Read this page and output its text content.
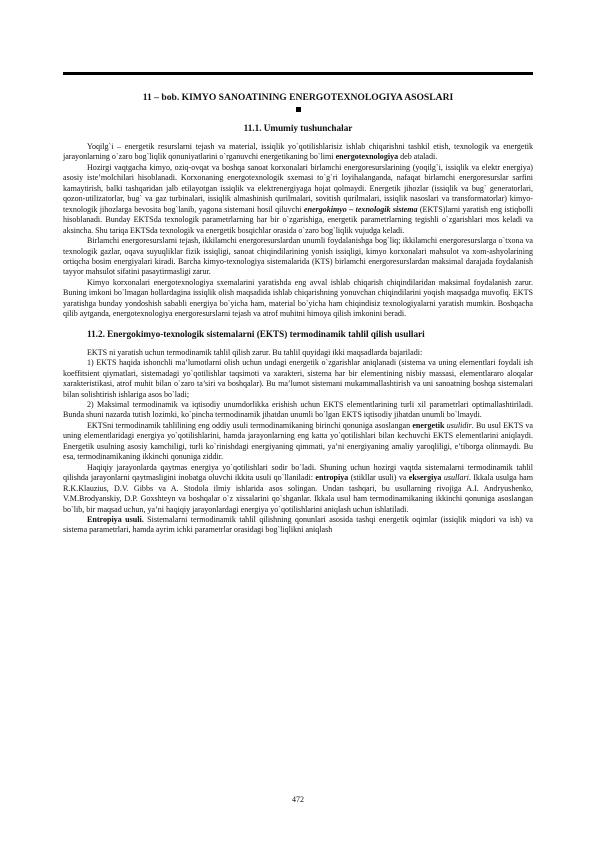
11 – bob. KIMYO SANOATINING ENERGOTEXNOLOGIYA ASOSLARI
11.1. Umumiy tushunchalar

Yoqilg`i – energetik resurslarni tejash va material, issiqlik yo`qotilishlarisiz ishlab chiqarishni tashkil etish, texnologik va energetik jarayonlarning o`zaro bog`liqlik qonuniyatlarini o`rganuvchi energetikaning bo`limi energotexnologiya deb ataladi.

Hozirgi vaqtgacha kimyo, oziq-ovqat va boshqa sanoat korxonalari birlamchi energoresurslarining (yoqilg`i, issiqlik va elektr energiya) asosiy iste’molchilari hisoblanadi. Korxonaning energotexnologik sxemasi to`g`ri loyihalanganda, nafaqat birlamchi energoresurslar sarfini kamaytirish, balki tashqaridan jalb etilayotgan issiqlik va elektrenergiyaga hojat qolmaydi. Energetik jihozlar (issiqlik va bug` generatorlari, qozon-utilizatorlar, bug` va gaz turbinalari, issiqlik almashinish qurilmalari, sovitish qurilmalari, issiqlik nasoslari va transformatorlar) kimyo-texnologik jihozlarga bevosita bog`lanib, yagona sistemani hosil qiluvchi energokimyo – texnologik sistema (EKTS)larni yaratish eng istiqbolli hisoblanadi. Bunday EKTSda texnologik parametrlarning har bir o`zgarishiga, energetik parametrlarning tegishli o`zgarishlari mos keladi va aksincha. Shu tariqa EKTSda texnologik va energetik bosqichlar orasida o`zaro bog`liqlik vujudga keladi.

Birlamchi energoresurslarni tejash, ikkilamchi energoresurslardan unumli foydalanishga bog`liq; ikkilamchi energoresurslarga o`txona va texnologik gazlar, oqava suyuqliklar fizik issiqligi, sanoat chiqindilarining yonish issiqligi, kimyo korxonalari mahsulot va xom-ashyolarining ortiqcha bosim energiyalari kiradi. Barcha kimyo-texnologiya sistemalarida (KTS) birlamchi energoresurslardan maksimal darajada foydalanish tayyor mahsulot sifatini pasaytirmasligi zarur.

Kimyo korxonalari energotexnologiya sxemalarini yaratishda eng avval ishlab chiqarish chiqindilaridan maksimal foydalanish zarur. Buning imkoni bo`lmagan hollardagina issiqlik olish maqsadida ishlab chiqarishning yonuvchan chiqindilarini yoqish maqsadga muvofiq. EKTS yaratishga bunday yondoshish sababli energiya bo`yicha ham, material bo`yicha ham chiqindisiz texnologiyalarni yaratish mumkin. Boshqacha qilib aytganda, energotexnologiya energoresurslarni tejash va atrof muhitni himoya qilish imkonini beradi.

11.2. Energokimyo-texnologik sistemalarni (EKTS) termodinamik tahlil qilish usullari

EKTS ni yaratish uchun termodinamik tahlil qilish zarur. Bu tahlil quyidagi ikki maqsadlarda bajariladi:

1) EKTS haqida ishonchli ma’lumotlarni olish uchun undagi energetik o`zgarishlar aniqlanadi (sistema va uning elementlari foydali ish koeffitsient qiymatlari, sistemadagi yo`qotilishlar taqsimoti va xarakteri, sistema har bir elementining nisbiy massasi, elementlararo aloqalar xarakteristikasi, atrof muhit bilan o`zaro ta’siri va boshqalar). Bu ma’lumot sistemani mukammallashtirish va uni sanoatning boshqa sistemalari bilan solishtirish ishlariga asos bo`ladi;

2) Maksimal termodinamik va iqtisodiy unumdorlikka erishish uchun EKTS elementlarining turli xil parametrlari optimallashtiriladi. Bunda shuni nazarda tutish lozimki, ko`pincha termodinamik jihatdan unumli bo`lgan EKTS iqtisodiy jihatdan unumli bo`lmaydi.

EKTSni termodinamik tahlilining eng oddiy usuli termodinamikaning birinchi qonuniga asoslangan energetik usulidir. Bu usul EKTS va uning elementlaridagi energiya yo`qotilishlarini, hamda jarayonlarning eng katta yo`qotilishlari bilan kechuvchi EKTS elementlarini aniqlaydi. Energetik usulning asosiy kamchiligi, turli ko`rinishdagi energiyaning qimmati, ya’ni energiyaning amaliy yaroqliligi, e’tiborga olinmaydi. Bu esa, termodinamikaning ikkinchi qonuniga ziddir.

Haqiqiy jarayonlarda qaytmas energiya yo`qotilishlari sodir bo`ladi. Shuning uchun hozirgi vaqtda sistemalarni termodinamik tahlil qilishda jarayonlarni qaytmasligini inobatga oluvchi ikkita usuli qo`llaniladi: entropiya (stikllar usuli) va eksergiya usullari. Ikkala usulga ham R.K.Klauzius, D.V. Gibbs va A. Stodola ilmiy ishlarida asos solingan. Undan tashqari, bu usullarning rivojiga A.I. Andryushenko, V.M.Brodyanskiy, D.P. Goxshteyn va boshqalar o`z xissalarini qo`shganlar. Ikkala usul ham termodinamikaning ikkinchi qonuniga asoslangan bo`lib, bir maqsad uchun, ya’ni haqiqiy jarayonlardagi energiya yo`qotilishlarini aniqlash uchun ishlatiladi.

Entropiya usuli. Sistemalarni termodinamik tahlil qilishning qonunlari asosida tashqi energetik oqimlar (issiqlik miqdori va ish) va sistema parametrlari, hamda ayrim ichki parametrlar orasidagi bog`liqlikni aniqlash

472
